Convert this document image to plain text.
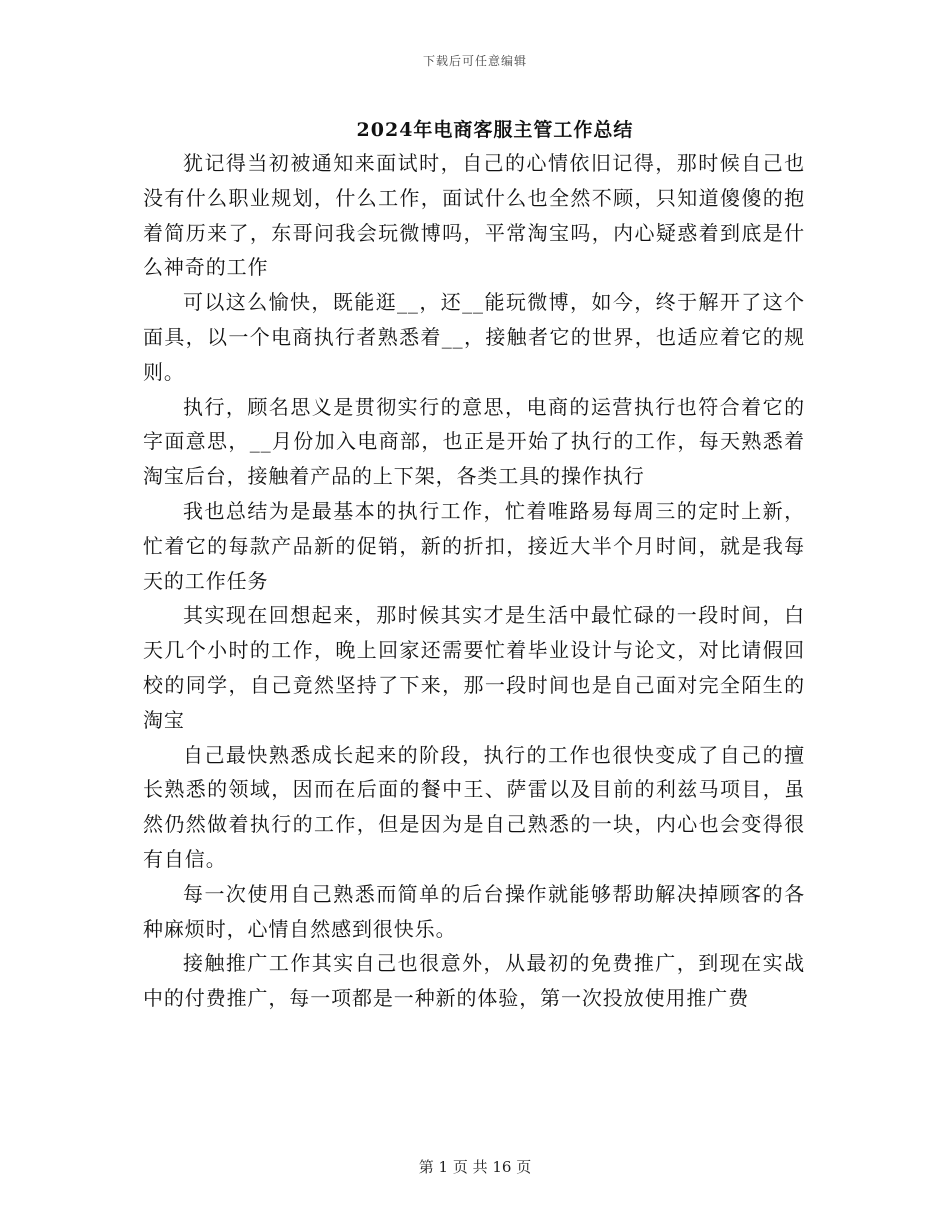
下载后可任意编辑
2024年电商客服主管工作总结

犹记得当初被通知来面试时，自己的心情依旧记得，那时候自己也没有什么职业规划，什么工作，面试什么也全然不顾，只知道傻傻的抱着简历来了，东哥问我会玩微博吗，平常淘宝吗，内心疑惑着到底是什么神奇的工作

可以这么愉快，既能逛__，还__能玩微博，如今，终于解开了这个面具，以一个电商执行者熟悉着__，接触者它的世界，也适应着它的规则。

执行，顾名思义是贯彻实行的意思，电商的运营执行也符合着它的字面意思，__月份加入电商部，也正是开始了执行的工作，每天熟悉着淘宝后台，接触着产品的上下架，各类工具的操作执行

我也总结为是最基本的执行工作，忙着唯路易每周三的定时上新，忙着它的每款产品新的促销，新的折扣，接近大半个月时间，就是我每天的工作任务

其实现在回想起来，那时候其实才是生活中最忙碌的一段时间，白天几个小时的工作，晚上回家还需要忙着毕业设计与论文，对比请假回校的同学，自己竟然坚持了下来，那一段时间也是自己面对完全陌生的淘宝

自己最快熟悉成长起来的阶段，执行的工作也很快变成了自己的擅长熟悉的领域，因而在后面的餐中王、萨雷以及目前的利兹马项目，虽然仍然做着执行的工作，但是因为是自己熟悉的一块，内心也会变得很有自信。

每一次使用自己熟悉而简单的后台操作就能够帮助解决掉顾客的各种麻烦时，心情自然感到很快乐。

接触推广工作其实自己也很意外，从最初的免费推广，到现在实战中的付费推广，每一项都是一种新的体验，第一次投放使用推广费

第 1 页 共 16 页
